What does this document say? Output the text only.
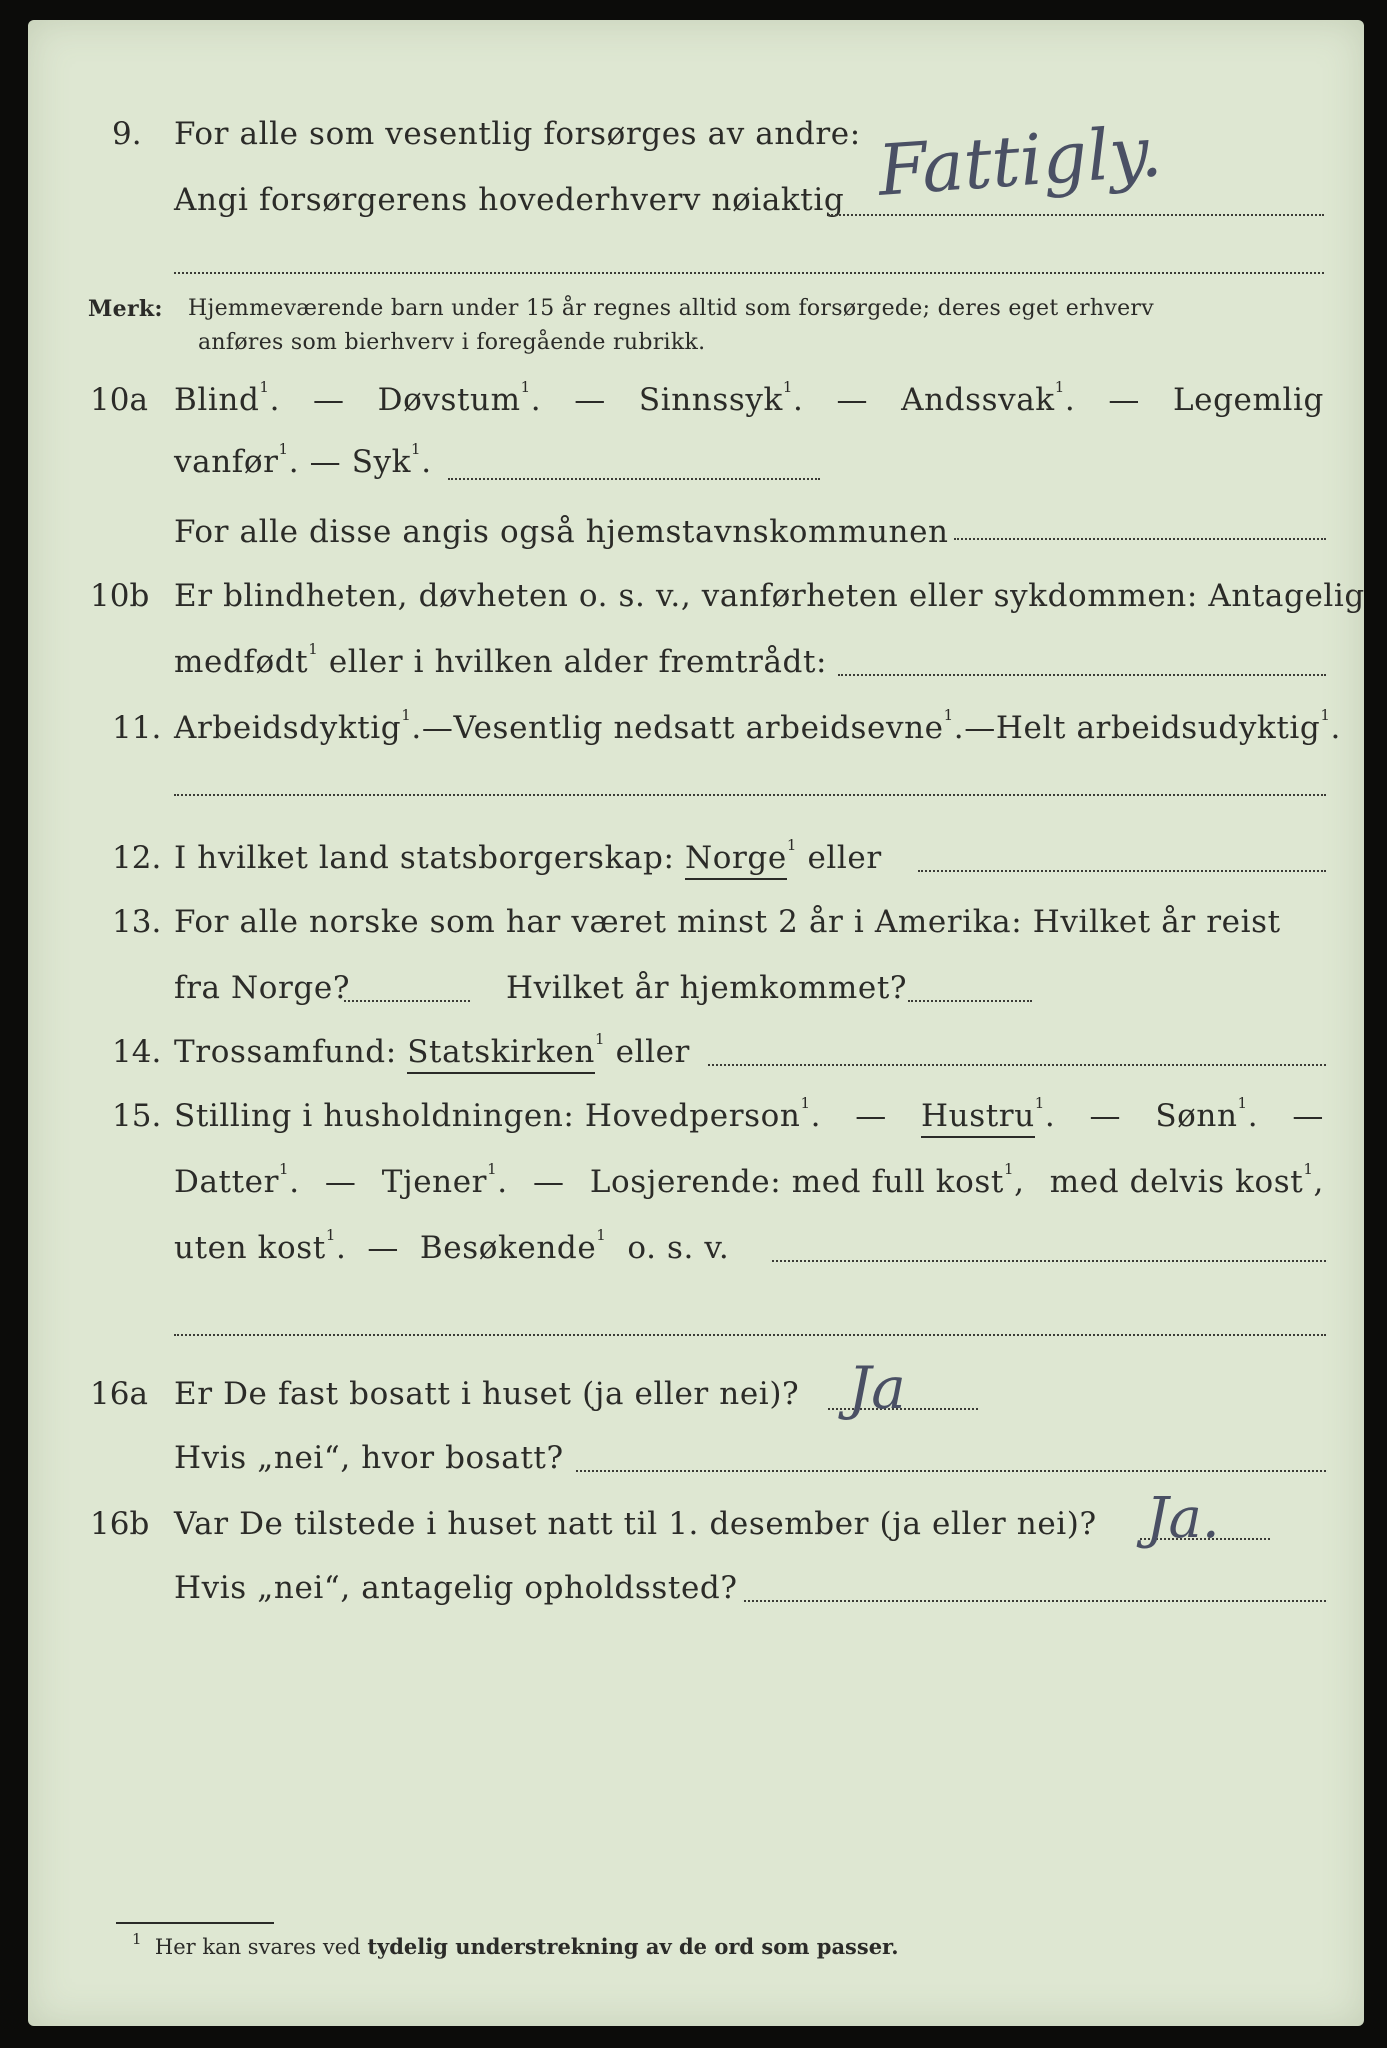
9. For alle som vesentlig forsørges av andre:
Angi forsørgerens hovederhverv nøiaktig Fattigly.
Merk: Hjemmeværende barn under 15 år regnes alltid som forsørgede; deres eget erhverv
anføres som bierhverv i foregående rubrikk.
10a Blind$^1$. — Døvstum$^1$. — Sinnssyk$^1$. — Andssvak$^1$. — Legemlig
vanfør$^1$. — Syk$^1$.
For alle disse angis også hjemstavnskommunen
10b Er blindheten, døvheten o. s. v., vanførheten eller sykdommen: Antagelig
medfødt$^1$ eller i hvilken alder fremtrådt:
11. Arbeidsdyktig$^1$. — Vesentlig nedsatt arbeidsevne$^1$. — Helt arbeidsudyktig$^1$.
12. I hvilket land statsborgerskap: Norge$^1$ eller
13. For alle norske som har været minst 2 år i Amerika: Hvilket år reist
fra Norge?	Hvilket år hjemkommet?
14. Trossamfund: Statskirken$^1$ eller
15. Stilling i husholdningen: Hovedperson$^1$. — Hustru$^1$. — Sønn$^1$. —
Datter$^1$. — Tjener$^1$. — Losjerende: med full kost$^1$, med delvis kost$^1$,
uten kost$^1$. — Besøkende$^1$ o. s. v.
16a Er De fast bosatt i huset (ja eller nei)? Ja
Hvis „nei“, hvor bosatt?
16b Var De tilstede i huset natt til 1. desember (ja eller nei)? Ja.
Hvis „nei“, antagelig opholdssted?
$^1$ Her kan svares ved tydelig understrekning av de ord som passer.
